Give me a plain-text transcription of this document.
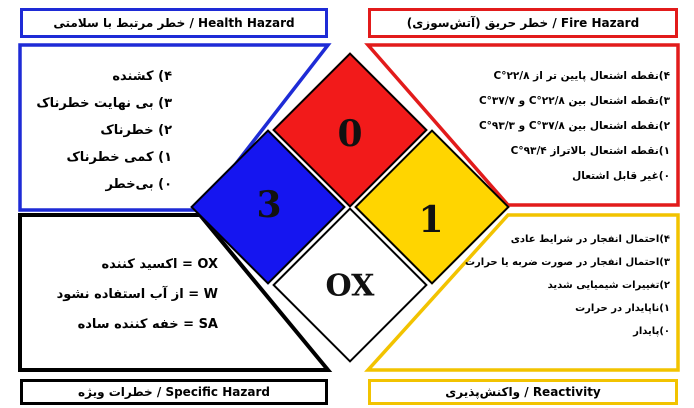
خطر مرتبط با سلامتی / Health Hazard	خطر حریق (آتش‌سوزی) / Fire Hazard
۴) کشنده
۳) بی نهایت خطرناک
۲) خطرناک
۱) کمی خطرناک
۰) بی‌خطر
۴)نقطه اشتعال پایین تر از ۲۲/۸°C
۳)نقطه اشتعال بین ۲۲/۸°C و ۳۷/۷°C
۲)نقطه اشتعال بین ۳۷/۸°C و ۹۳/۳°C
۱)نقطه اشتعال بالاتراز ۹۳/۴°C
۰)غیر قابل اشتعال
OX = اکسید کننده
W = از آب استفاده نشود
SA = خفه کننده ساده
۴)احتمال انفجار در شرایط عادی
۳)احتمال انفجار در صورت ضربه یا حرارت
۲)تغییرات شیمیایی شدید
۱)ناپایدار در حرارت
۰)پایدار
0
3	1
OX
خطرات ویژه / Specific Hazard	واکنش‌پذیری / Reactivity
